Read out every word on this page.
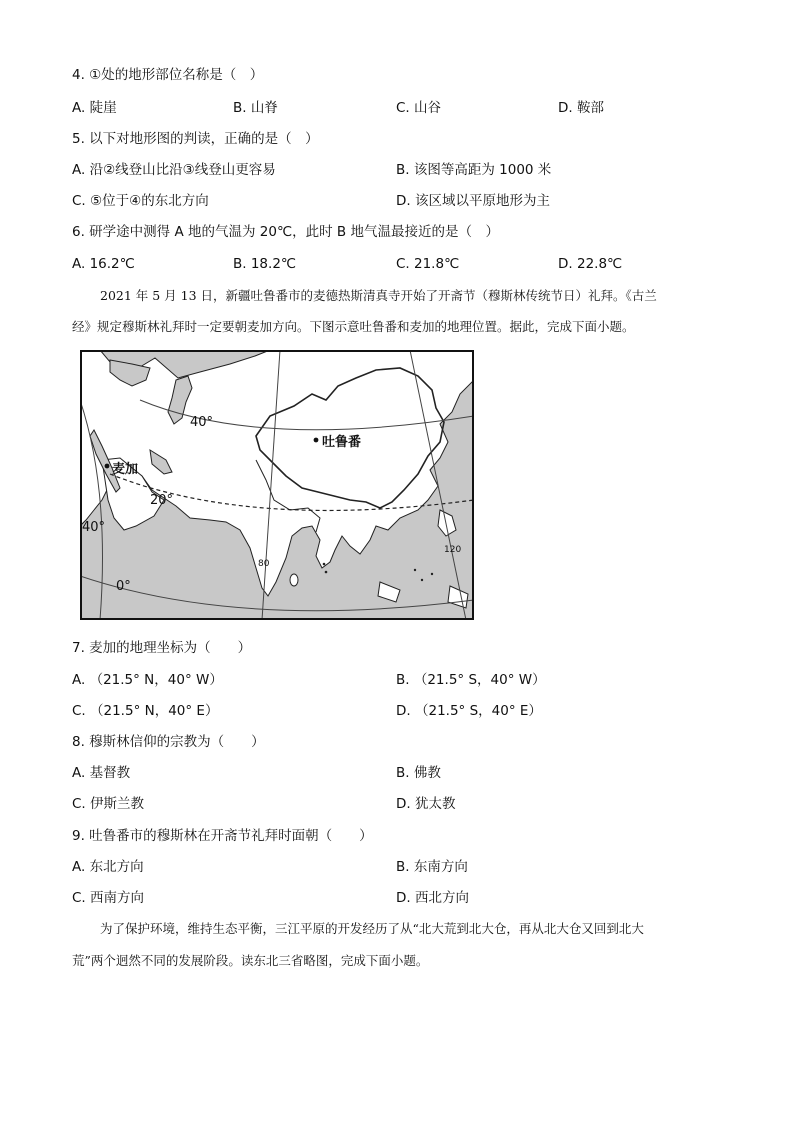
4. ①处的地形部位名称是（　）
A. 陡崖	B. 山脊	C. 山谷	D. 鞍部
5. 以下对地形图的判读，正确的是（　）
A. 沿②线登山比沿③线登山更容易	B. 该图等高距为 1000 米
C. ⑤位于④的东北方向	D. 该区域以平原地形为主
6. 研学途中测得 A 地的气温为 20℃，此时 B 地气温最接近的是（　）
A. 16.2℃	B. 18.2℃	C. 21.8℃	D. 22.8℃
2021 年 5 月 13 日，新疆吐鲁番市的麦德热斯清真寺开始了开斋节（穆斯林传统节日）礼拜。《古兰
经》规定穆斯林礼拜时一定要朝麦加方向。下图示意吐鲁番和麦加的地理位置。据此，完成下面小题。
吐鲁番
麦加
40°
20°
40°
0°
80
120
7. 麦加的地理坐标为（　　）
A. （21.5° N，40° W）	B. （21.5° S，40° W）
C. （21.5° N，40° E）	D. （21.5° S，40° E）
8. 穆斯林信仰的宗教为（　　）
A. 基督教	B. 佛教
C. 伊斯兰教	D. 犹太教
9. 吐鲁番市的穆斯林在开斋节礼拜时面朝（　　）
A. 东北方向	B. 东南方向
C. 西南方向	D. 西北方向
为了保护环境，维持生态平衡，三江平原的开发经历了从“北大荒到北大仓，再从北大仓又回到北大
荒”两个迥然不同的发展阶段。读东北三省略图，完成下面小题。
